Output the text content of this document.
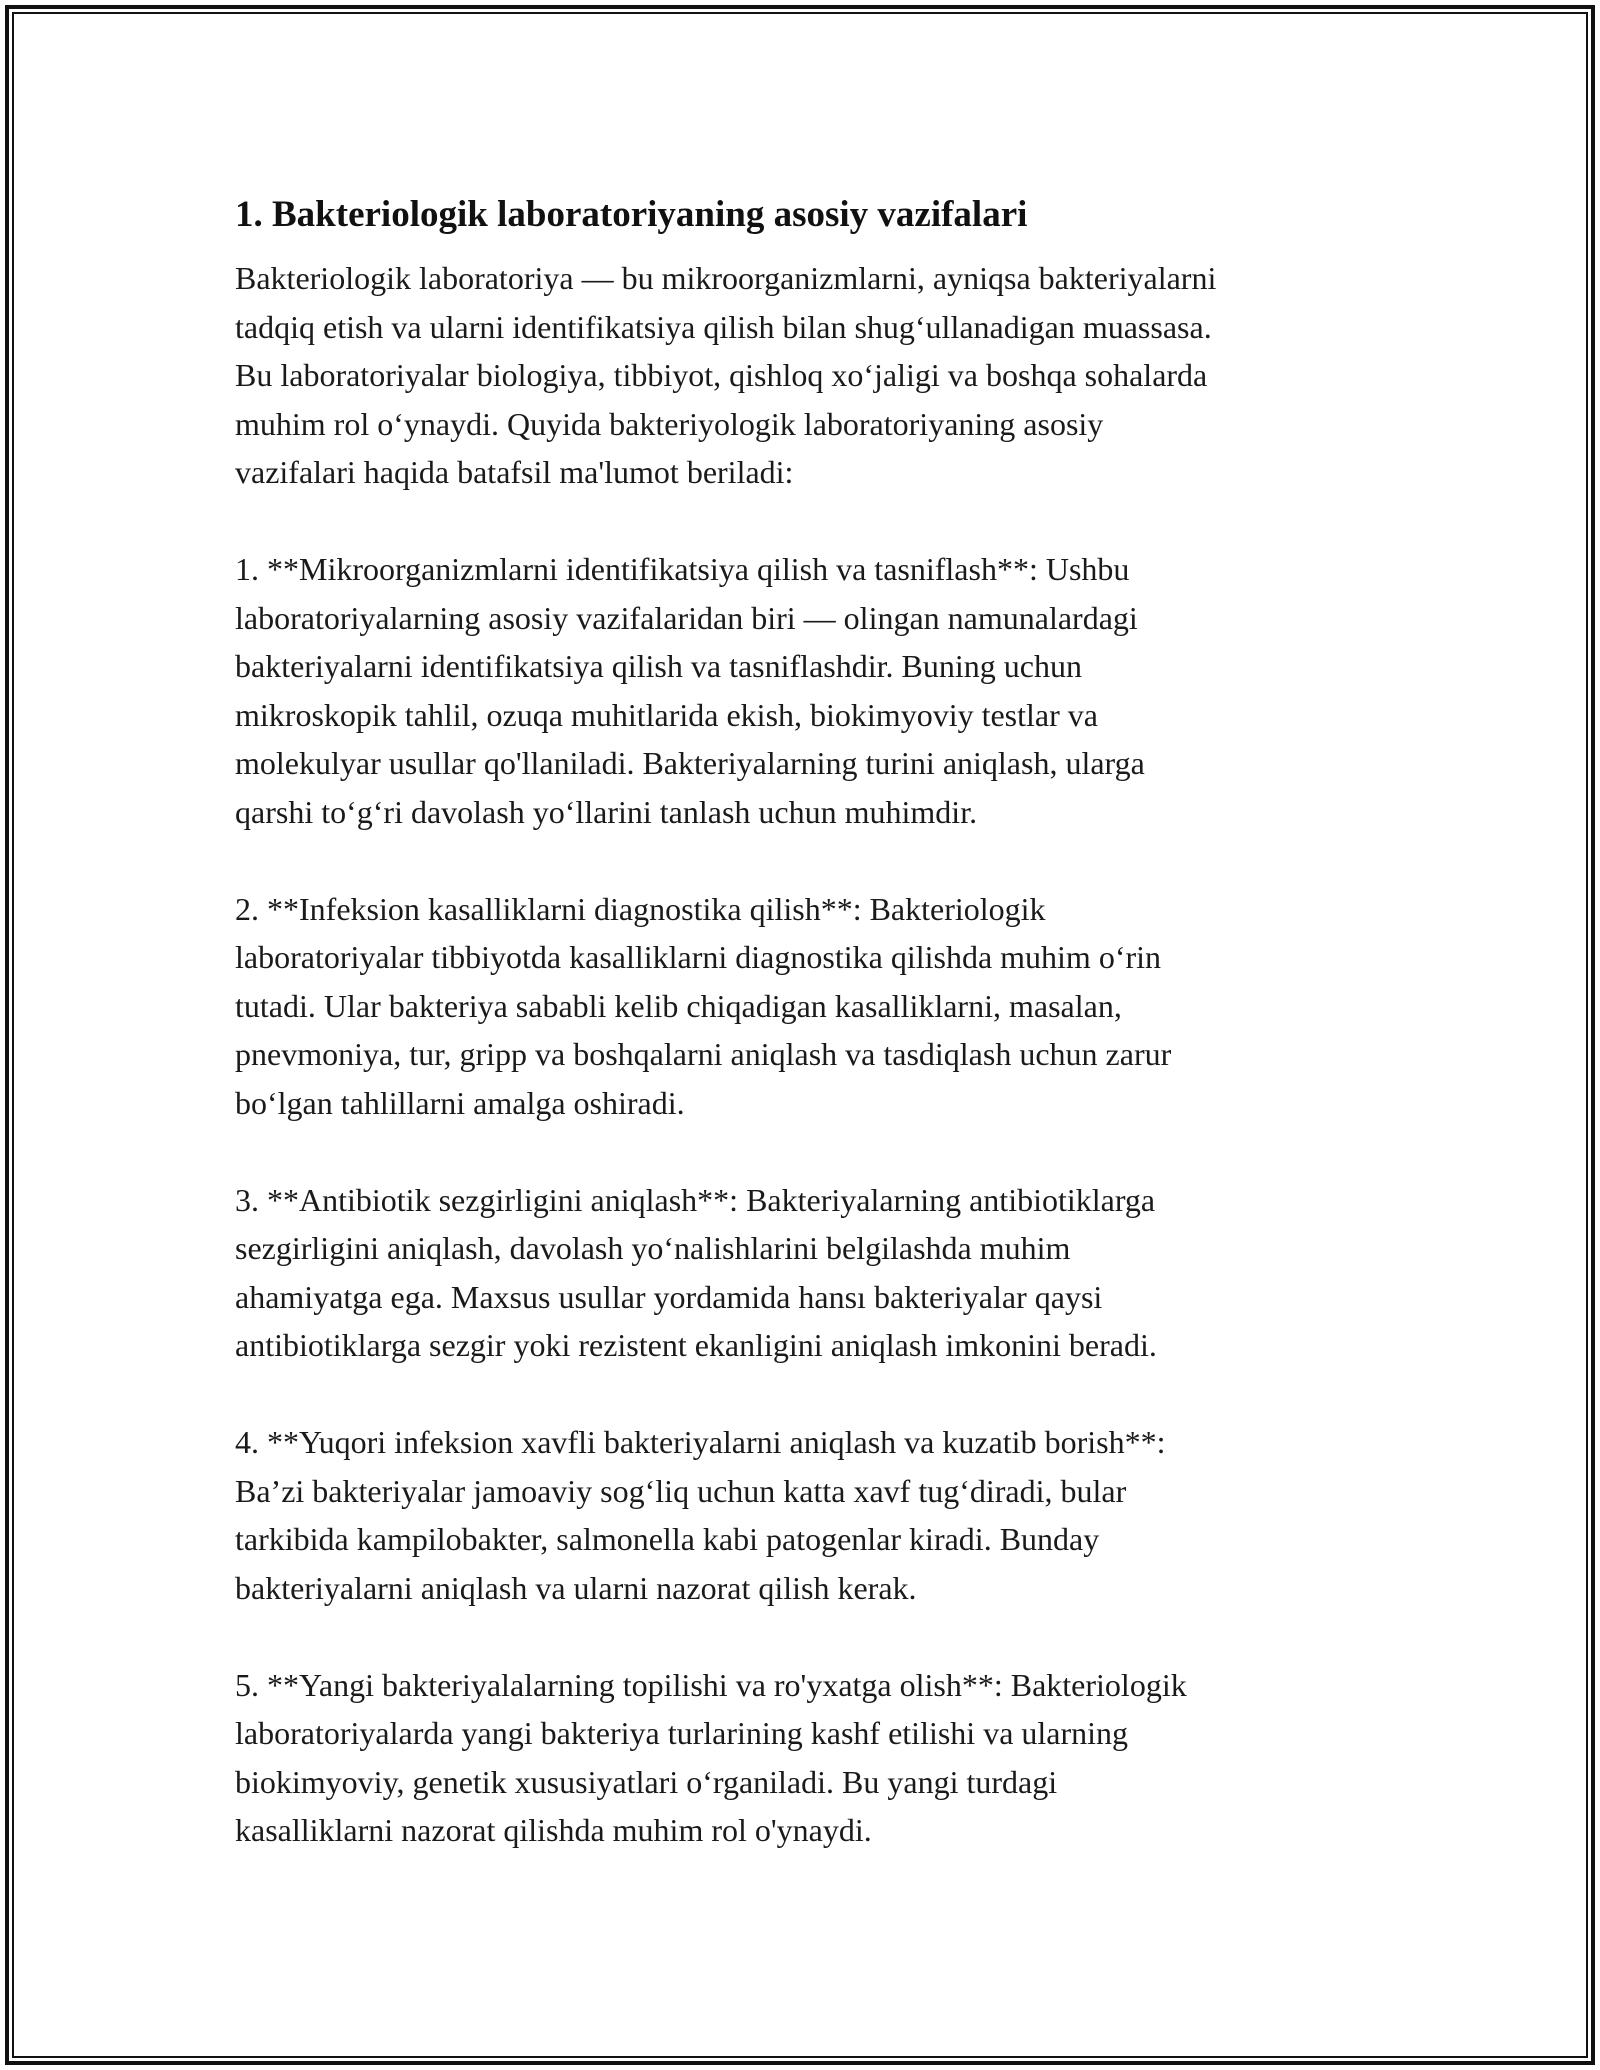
1. Bakteriologik laboratoriyaning asosiy vazifalari

Bakteriologik laboratoriya — bu mikroorganizmlarni, ayniqsa bakteriyalarni
tadqiq etish va ularni identifikatsiya qilish bilan shug‘ullanadigan muassasa.
Bu laboratoriyalar biologiya, tibbiyot, qishloq xo‘jaligi va boshqa sohalarda
muhim rol o‘ynaydi. Quyida bakteriyologik laboratoriyaning asosiy
vazifalari haqida batafsil ma'lumot beriladi:

1. **Mikroorganizmlarni identifikatsiya qilish va tasniflash**: Ushbu
laboratoriyalarning asosiy vazifalaridan biri — olingan namunalardagi
bakteriyalarni identifikatsiya qilish va tasniflashdir. Buning uchun
mikroskopik tahlil, ozuqa muhitlarida ekish, biokimyoviy testlar va
molekulyar usullar qo'llaniladi. Bakteriyalarning turini aniqlash, ularga
qarshi to‘g‘ri davolash yo‘llarini tanlash uchun muhimdir.

2. **Infeksion kasalliklarni diagnostika qilish**: Bakteriologik
laboratoriyalar tibbiyotda kasalliklarni diagnostika qilishda muhim o‘rin
tutadi. Ular bakteriya sababli kelib chiqadigan kasalliklarni, masalan,
pnevmoniya, tur, gripp va boshqalarni aniqlash va tasdiqlash uchun zarur
bo‘lgan tahlillarni amalga oshiradi.

3. **Antibiotik sezgirligini aniqlash**: Bakteriyalarning antibiotiklarga
sezgirligini aniqlash, davolash yo‘nalishlarini belgilashda muhim
ahamiyatga ega. Maxsus usullar yordamida hansı bakteriyalar qaysi
antibiotiklarga sezgir yoki rezistent ekanligini aniqlash imkonini beradi.

4. **Yuqori infeksion xavfli bakteriyalarni aniqlash va kuzatib borish**:
Ba’zi bakteriyalar jamoaviy sog‘liq uchun katta xavf tug‘diradi, bular
tarkibida kampilobakter, salmonella kabi patogenlar kiradi. Bunday
bakteriyalarni aniqlash va ularni nazorat qilish kerak.

5. **Yangi bakteriyalalarning topilishi va ro'yxatga olish**: Bakteriologik
laboratoriyalarda yangi bakteriya turlarining kashf etilishi va ularning
biokimyoviy, genetik xususiyatlari o‘rganiladi. Bu yangi turdagi
kasalliklarni nazorat qilishda muhim rol o'ynaydi.
